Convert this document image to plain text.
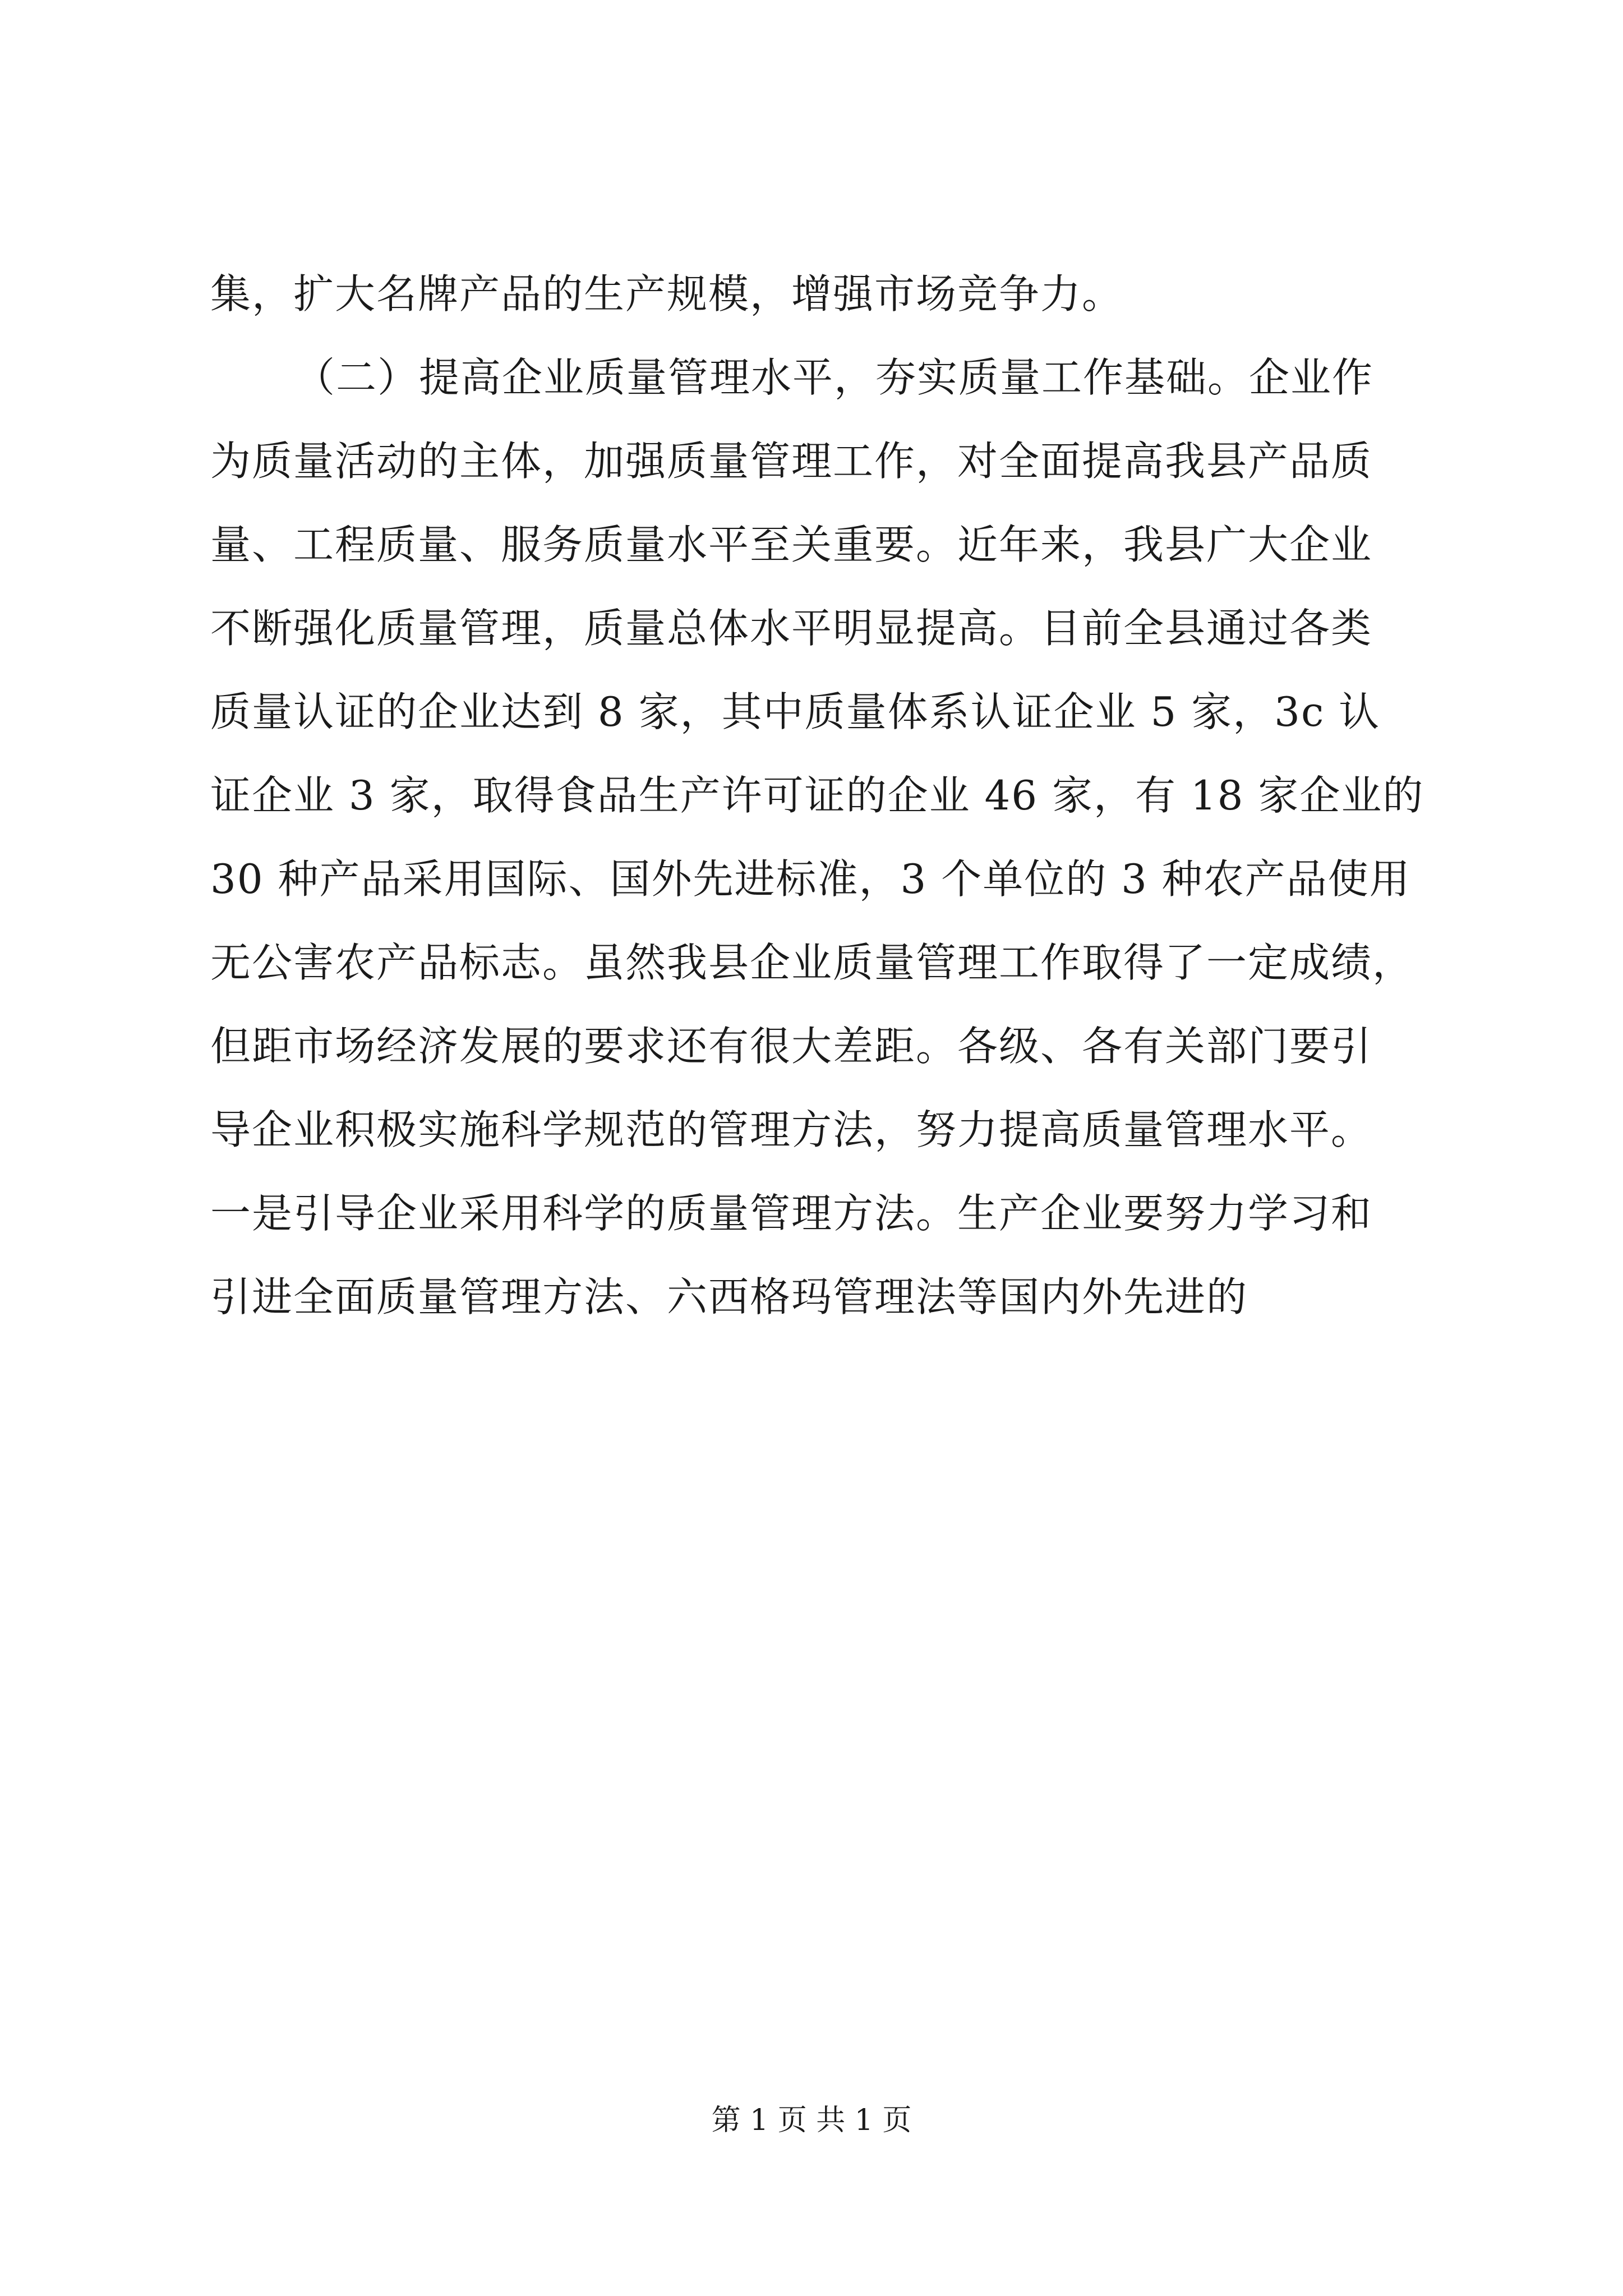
集，扩大名牌产品的生产规模，增强市场竞争力。
（二）提高企业质量管理水平，夯实质量工作基础。企业作
为质量活动的主体，加强质量管理工作，对全面提高我县产品质
量、工程质量、服务质量水平至关重要。近年来，我县广大企业
不断强化质量管理，质量总体水平明显提高。目前全县通过各类
质量认证的企业达到 8 家，其中质量体系认证企业 5 家，3c 认
证企业 3 家，取得食品生产许可证的企业 46 家，有 18 家企业的
30 种产品采用国际、国外先进标准，3 个单位的 3 种农产品使用
无公害农产品标志。虽然我县企业质量管理工作取得了一定成绩，
但距市场经济发展的要求还有很大差距。各级、各有关部门要引
导企业积极实施科学规范的管理方法，努力提高质量管理水平。
一是引导企业采用科学的质量管理方法。生产企业要努力学习和
引进全面质量管理方法、六西格玛管理法等国内外先进的
第 1 页 共 1 页
